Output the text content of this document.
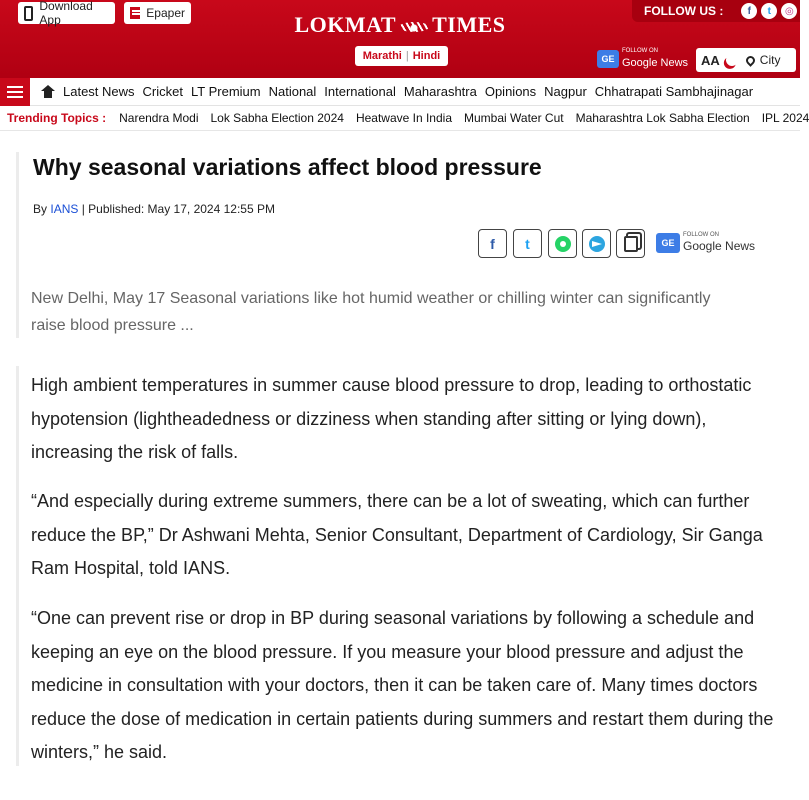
Download App	Epaper	LOKMAT TIMES
Marathi | Hindi
FOLLOW US :	f	t	◎
GE
FOLLOW ON
Google News AA	City
Latest News Cricket LT Premium National International Maharashtra Opinions Nagpur Chhatrapati Sambhajinagar
Trending Topics : Narendra Modi Lok Sabha Election 2024 Heatwave In India Mumbai Water Cut Maharashtra Lok Sabha Election IPL 2024
Why seasonal variations affect blood pressure
By IANS | Published: May 17, 2024 12:55 PM
f t	GE
FOLLOW ON
Google News

New Delhi, May 17 Seasonal variations like hot humid weather or chilling winter can significantly raise blood pressure ...

High ambient temperatures in summer cause blood pressure to drop, leading to orthostatic hypotension (lightheadedness or dizziness when standing after sitting or lying down), increasing the risk of falls.

“And especially during extreme summers, there can be a lot of sweating, which can further reduce the BP,” Dr Ashwani Mehta, Senior Consultant, Department of Cardiology, Sir Ganga Ram Hospital, told IANS.

“One can prevent rise or drop in BP during seasonal variations by following a schedule and keeping an eye on the blood pressure. If you measure your blood pressure and adjust the medicine in consultation with your doctors, then it can be taken care of. Many times doctors reduce the dose of medication in certain patients during summers and restart them during the winters,” he said.
